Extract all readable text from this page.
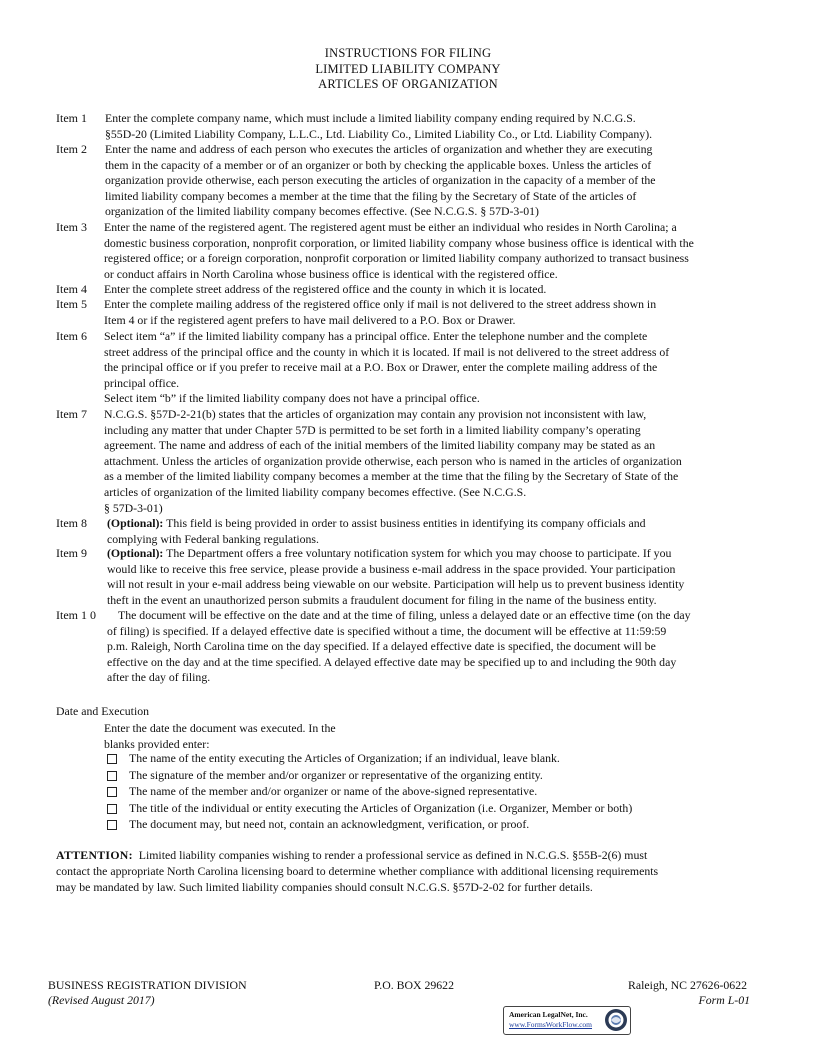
INSTRUCTIONS FOR FILING
LIMITED LIABILITY COMPANY
ARTICLES OF ORGANIZATION
Item 1 Enter the complete company name, which must include a limited liability company ending required by N.C.G.S.
§55D-20 (Limited Liability Company, L.L.C., Ltd. Liability Co., Limited Liability Co., or Ltd. Liability Company).
Item 2 Enter the name and address of each person who executes the articles of organization and whether they are executing
them in the capacity of a member or of an organizer or both by checking the applicable boxes. Unless the articles of
organization provide otherwise, each person executing the articles of organization in the capacity of a member of the
limited liability company becomes a member at the time that the filing by the Secretary of State of the articles of
organization of the limited liability company becomes effective. (See N.C.G.S. § 57D-3-01)
Item 3 Enter the name of the registered agent. The registered agent must be either an individual who resides in North Carolina; a
domestic business corporation, nonprofit corporation, or limited liability company whose business office is identical with the
registered office; or a foreign corporation, nonprofit corporation or limited liability company authorized to transact business
or conduct affairs in North Carolina whose business office is identical with the registered office.
Item 4 Enter the complete street address of the registered office and the county in which it is located.
Item 5 Enter the complete mailing address of the registered office only if mail is not delivered to the street address shown in
Item 4 or if the registered agent prefers to have mail delivered to a P.O. Box or Drawer.
Item 6 Select item “a” if the limited liability company has a principal office. Enter the telephone number and the complete
street address of the principal office and the county in which it is located. If mail is not delivered to the street address of
the principal office or if you prefer to receive mail at a P.O. Box or Drawer, enter the complete mailing address of the
principal office.
Select item “b” if the limited liability company does not have a principal office.
Item 7 N.C.G.S. §57D-2-21(b) states that the articles of organization may contain any provision not inconsistent with law,
including any matter that under Chapter 57D is permitted to be set forth in a limited liability company’s operating
agreement. The name and address of each of the initial members of the limited liability company may be stated as an
attachment. Unless the articles of organization provide otherwise, each person who is named in the articles of organization
as a member of the limited liability company becomes a member at the time that the filing by the Secretary of State of the
articles of organization of the limited liability company becomes effective. (See N.C.G.S.
§ 57D-3-01)
Item 8 (Optional): This field is being provided in order to assist business entities in identifying its company officials and
complying with Federal banking regulations.
Item 9 (Optional): The Department offers a free voluntary notification system for which you may choose to participate. If you
would like to receive this free service, please provide a business e-mail address in the space provided. Your participation
will not result in your e-mail address being viewable on our website. Participation will help us to prevent business identity
theft in the event an unauthorized person submits a fraudulent document for filing in the name of the business entity.
Item 1 0	The document will be effective on the date and at the time of filing, unless a delayed date or an effective time (on the day
of filing) is specified. If a delayed effective date is specified without a time, the document will be effective at 11:59:59
p.m. Raleigh, North Carolina time on the day specified. If a delayed effective date is specified, the document will be
effective on the day and at the time specified. A delayed effective date may be specified up to and including the 90th day
after the day of filing.
Date and Execution
Enter the date the document was executed. In the
blanks provided enter:
The name of the entity executing the Articles of Organization; if an individual, leave blank.
The signature of the member and/or organizer or representative of the organizing entity.
The name of the member and/or organizer or name of the above-signed representative.
The title of the individual or entity executing the Articles of Organization (i.e. Organizer, Member or both)
The document may, but need not, contain an acknowledgment, verification, or proof.
ATTENTION: Limited liability companies wishing to render a professional service as defined in N.C.G.S. §55B-2(6) must
contact the appropriate North Carolina licensing board to determine whether compliance with additional licensing requirements
may be mandated by law. Such limited liability companies should consult N.C.G.S. §57D-2-02 for further details.
BUSINESS REGISTRATION DIVISION	P.O. BOX 29622	Raleigh, NC 27626-0622
(Revised August 2017)	Form L-01
American LegalNet, Inc.
www.FormsWorkFlow.com
